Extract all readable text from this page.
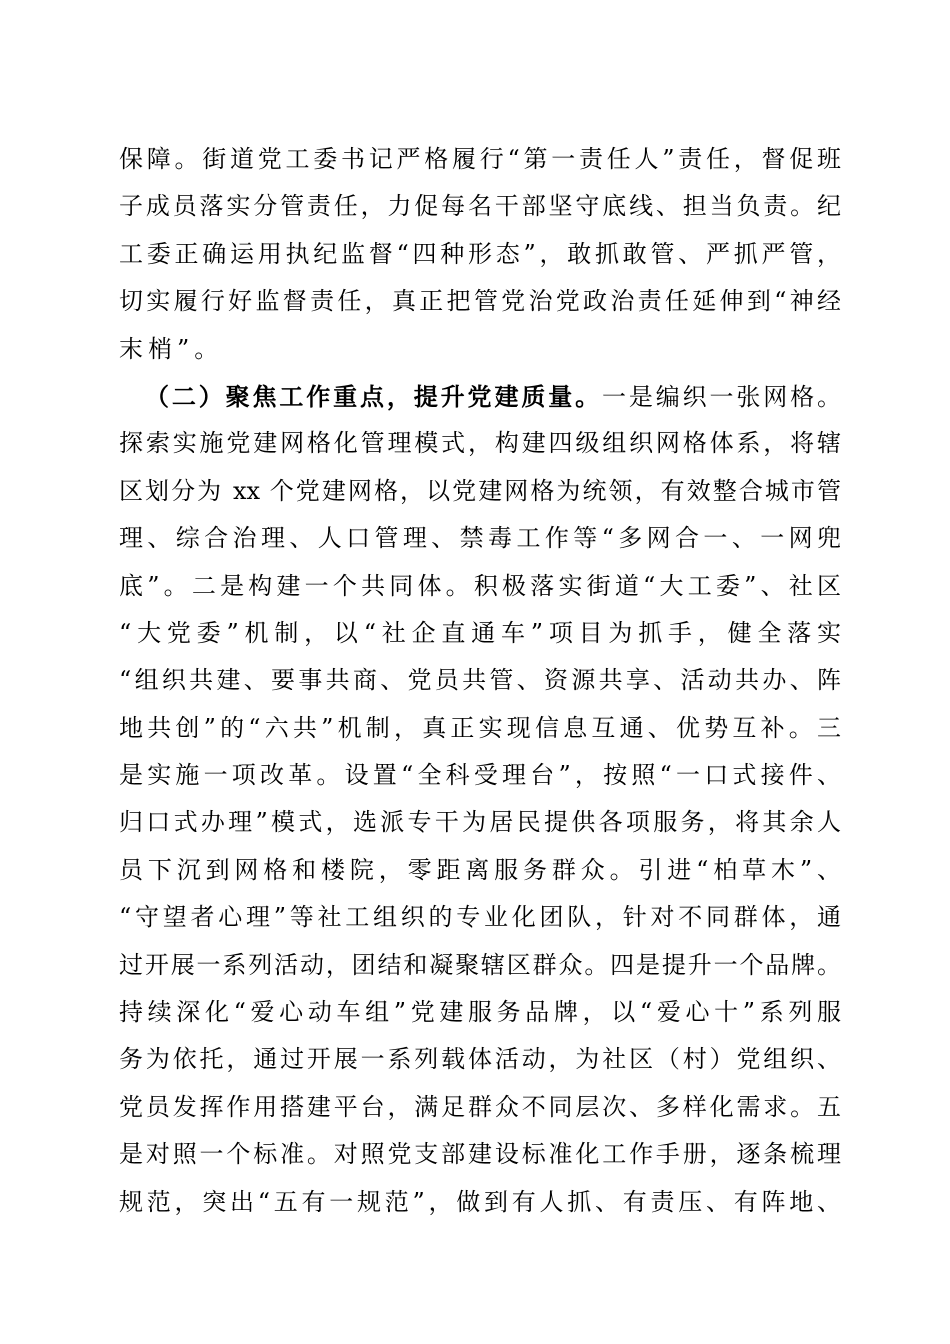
保障。街道党工委书记严格履行“第一责任人”责任，督促班
子成员落实分管责任，力促每名干部坚守底线、担当负责。纪
工委正确运用执纪监督“四种形态”，敢抓敢管、严抓严管，
切实履行好监督责任，真正把管党治党政治责任延伸到“神经
末梢”。
（二）聚焦工作重点，提升党建质量。一是编织一张网格。
探索实施党建网格化管理模式，构建四级组织网格体系，将辖
区划分为 xx 个党建网格，以党建网格为统领，有效整合城市管
理、综合治理、人口管理、禁毒工作等“多网合一、一网兜
底”。二是构建一个共同体。积极落实街道“大工委”、社区
“大党委”机制，以“社企直通车”项目为抓手，健全落实
“组织共建、要事共商、党员共管、资源共享、活动共办、阵
地共创”的“六共”机制，真正实现信息互通、优势互补。三
是实施一项改革。设置“全科受理台”，按照“一口式接件、
归口式办理”模式，选派专干为居民提供各项服务，将其余人
员下沉到网格和楼院，零距离服务群众。引进“柏草木”、
“守望者心理”等社工组织的专业化团队，针对不同群体，通
过开展一系列活动，团结和凝聚辖区群众。四是提升一个品牌。
持续深化“爱心动车组”党建服务品牌，以“爱心十”系列服
务为依托，通过开展一系列载体活动，为社区（村）党组织、
党员发挥作用搭建平台，满足群众不同层次、多样化需求。五
是对照一个标准。对照党支部建设标准化工作手册，逐条梳理
规范，突出“五有一规范”，做到有人抓、有责压、有阵地、
